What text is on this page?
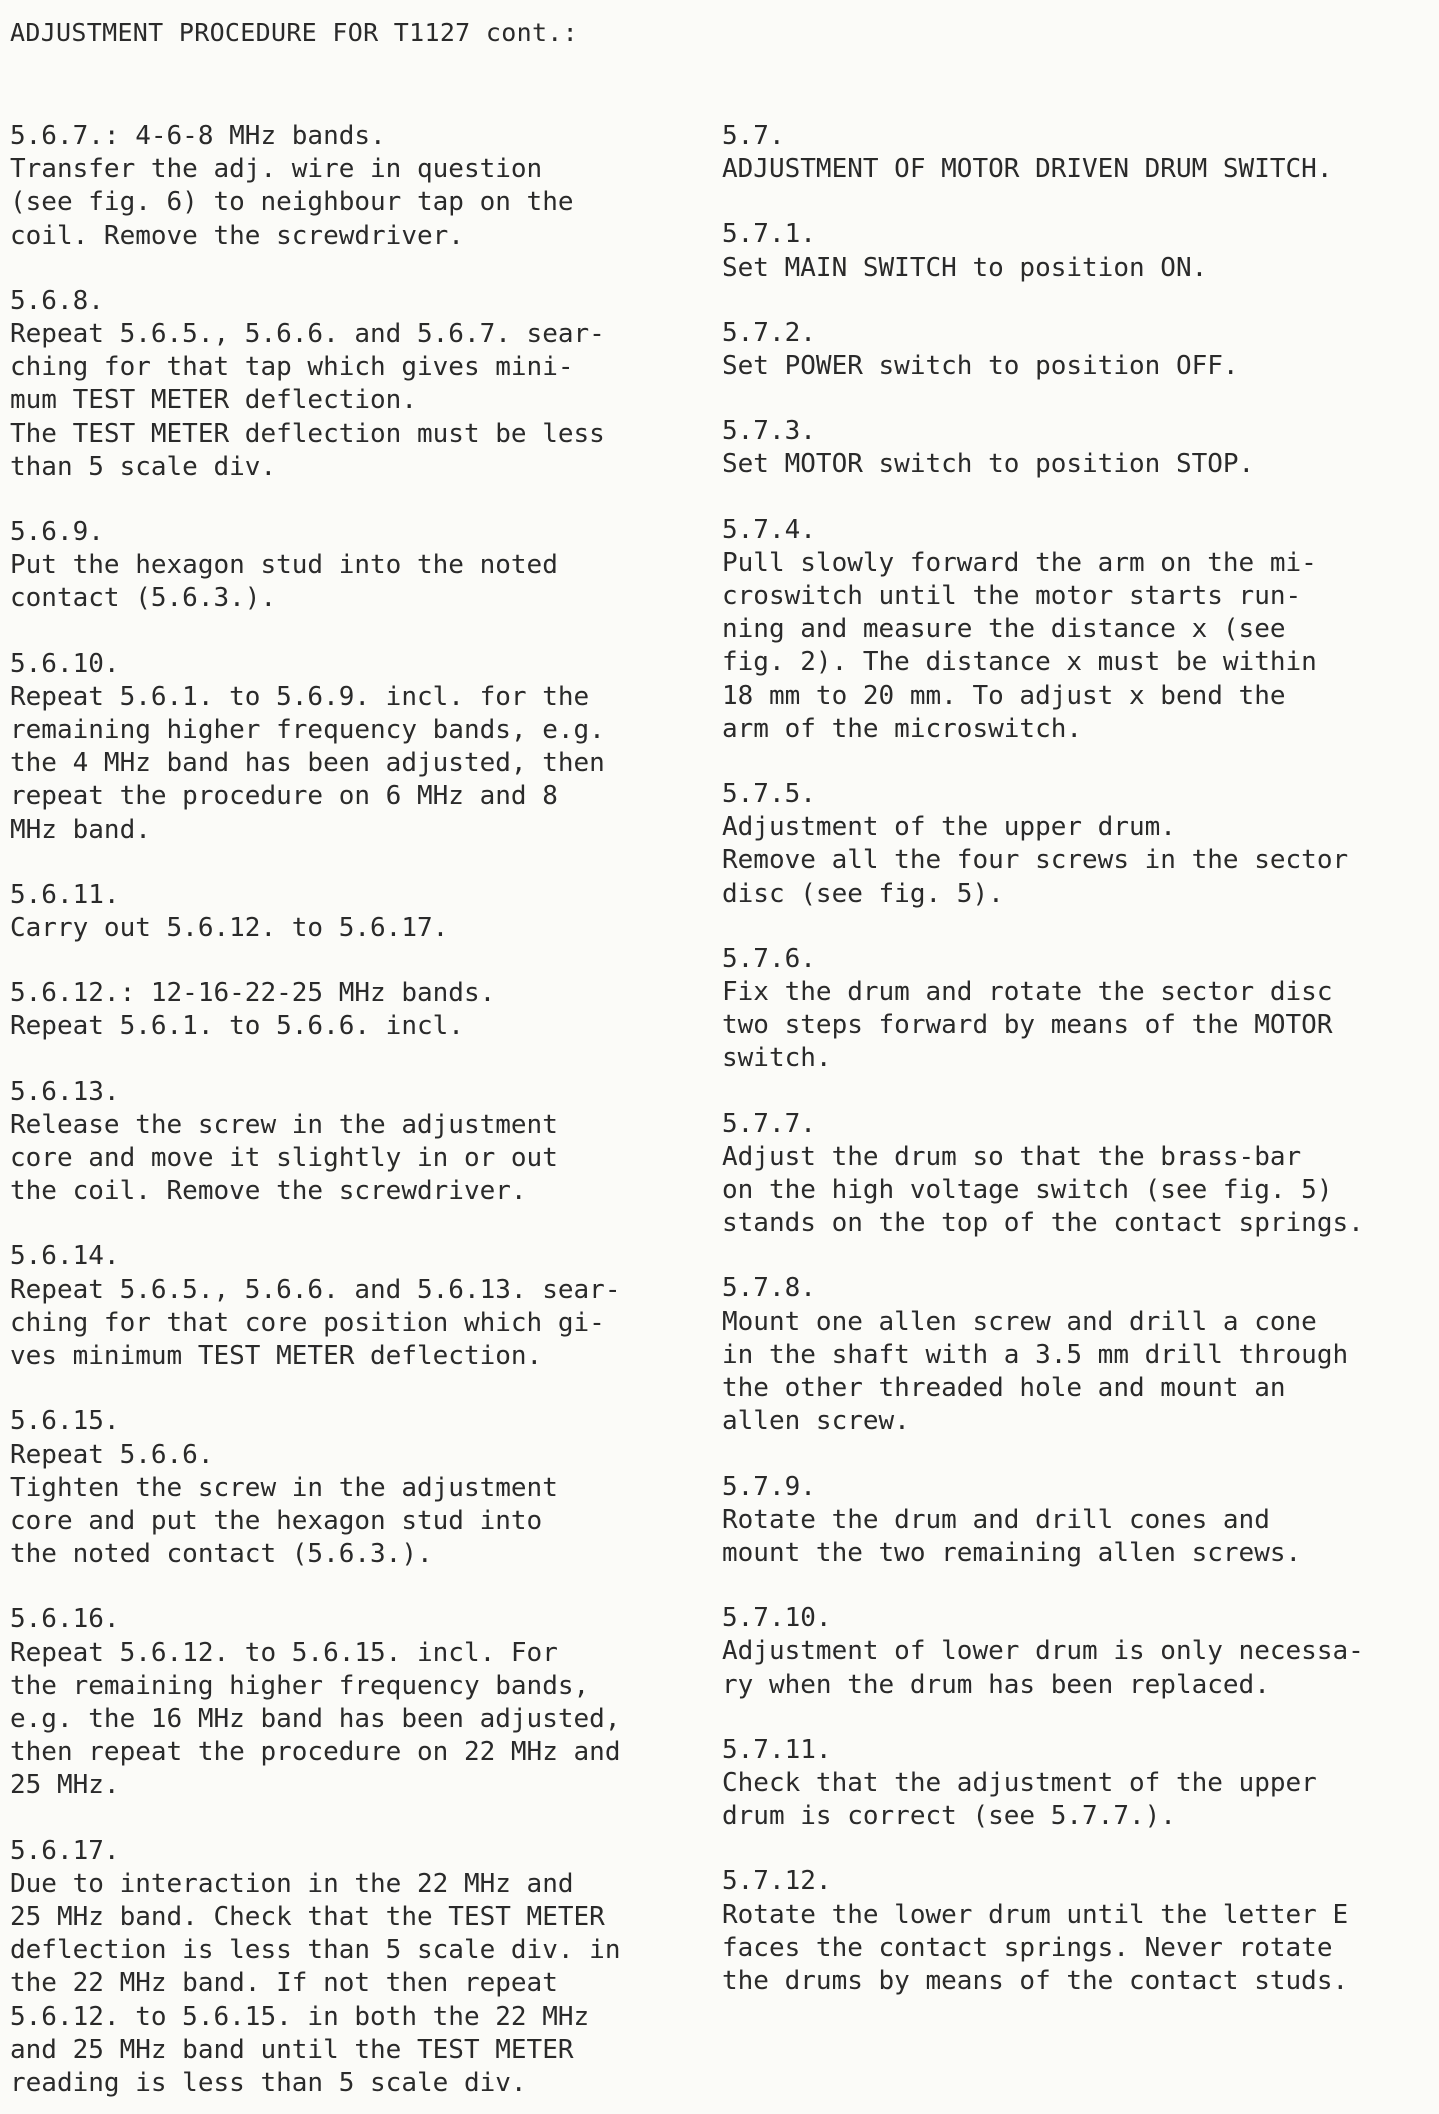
ADJUSTMENT PROCEDURE FOR T1127 cont.:
5.6.7.: 4-6-8 MHz bands.
Transfer the adj. wire in question
(see fig. 6) to neighbour tap on the
coil. Remove the screwdriver.
5.6.8.
Repeat 5.6.5., 5.6.6. and 5.6.7. sear-
ching for that tap which gives mini-
mum TEST METER deflection.
The TEST METER deflection must be less
than 5 scale div.
5.6.9.
Put the hexagon stud into the noted
contact (5.6.3.).
5.6.10.
Repeat 5.6.1. to 5.6.9. incl. for the
remaining higher frequency bands, e.g.
the 4 MHz band has been adjusted, then
repeat the procedure on 6 MHz and 8
MHz band.
5.6.11.
Carry out 5.6.12. to 5.6.17.
5.6.12.: 12-16-22-25 MHz bands.
Repeat 5.6.1. to 5.6.6. incl.
5.6.13.
Release the screw in the adjustment
core and move it slightly in or out
the coil. Remove the screwdriver.
5.6.14.
Repeat 5.6.5., 5.6.6. and 5.6.13. sear-
ching for that core position which gi-
ves minimum TEST METER deflection.
5.6.15.
Repeat 5.6.6.
Tighten the screw in the adjustment
core and put the hexagon stud into
the noted contact (5.6.3.).
5.6.16.
Repeat 5.6.12. to 5.6.15. incl. For
the remaining higher frequency bands,
e.g. the 16 MHz band has been adjusted,
then repeat the procedure on 22 MHz and
25 MHz.
5.6.17.
Due to interaction in the 22 MHz and
25 MHz band. Check that the TEST METER
deflection is less than 5 scale div. in
the 22 MHz band. If not then repeat
5.6.12. to 5.6.15. in both the 22 MHz
and 25 MHz band until the TEST METER
reading is less than 5 scale div.
5.7.
ADJUSTMENT OF MOTOR DRIVEN DRUM SWITCH.
5.7.1.
Set MAIN SWITCH to position ON.
5.7.2.
Set POWER switch to position OFF.
5.7.3.
Set MOTOR switch to position STOP.
5.7.4.
Pull slowly forward the arm on the mi-
croswitch until the motor starts run-
ning and measure the distance x (see
fig. 2). The distance x must be within
18 mm to 20 mm. To adjust x bend the
arm of the microswitch.
5.7.5.
Adjustment of the upper drum.
Remove all the four screws in the sector
disc (see fig. 5).
5.7.6.
Fix the drum and rotate the sector disc
two steps forward by means of the MOTOR
switch.
5.7.7.
Adjust the drum so that the brass-bar
on the high voltage switch (see fig. 5)
stands on the top of the contact springs.
5.7.8.
Mount one allen screw and drill a cone
in the shaft with a 3.5 mm drill through
the other threaded hole and mount an
allen screw.
5.7.9.
Rotate the drum and drill cones and
mount the two remaining allen screws.
5.7.10.
Adjustment of lower drum is only necessa-
ry when the drum has been replaced.
5.7.11.
Check that the adjustment of the upper
drum is correct (see 5.7.7.).
5.7.12.
Rotate the lower drum until the letter E
faces the contact springs. Never rotate
the drums by means of the contact studs.
